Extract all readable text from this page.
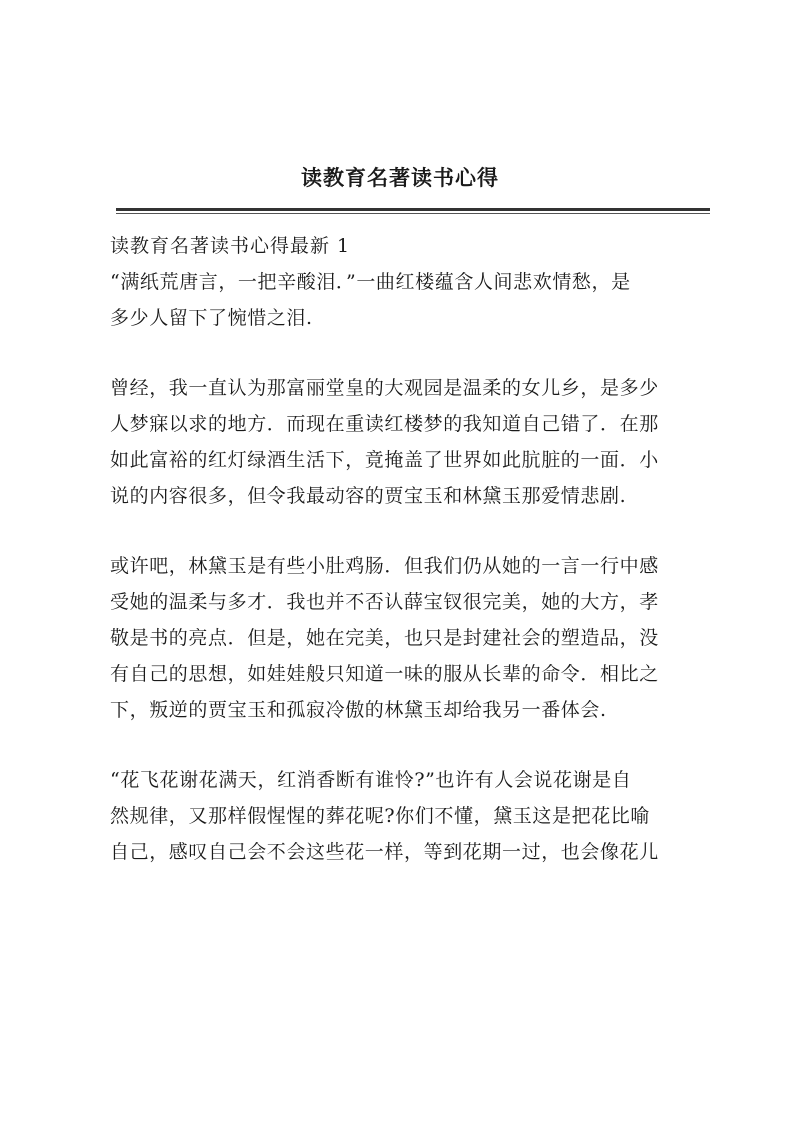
读教育名著读书心得

读教育名著读书心得最新 1

“满纸荒唐言，一把辛酸泪．”一曲红楼蕴含人间悲欢情愁，是
多少人留下了惋惜之泪.

曾经，我一直认为那富丽堂皇的大观园是温柔的女儿乡，是多少
人梦寐以求的地方．而现在重读红楼梦的我知道自己错了．在那
如此富裕的红灯绿酒生活下，竟掩盖了世界如此肮脏的一面．小
说的内容很多，但令我最动容的贾宝玉和林黛玉那爱情悲剧.

或许吧，林黛玉是有些小肚鸡肠．但我们仍从她的一言一行中感
受她的温柔与多才．我也并不否认薛宝钗很完美，她的大方，孝
敬是书的亮点．但是，她在完美，也只是封建社会的塑造品，没
有自己的思想，如娃娃般只知道一味的服从长辈的命令．相比之
下，叛逆的贾宝玉和孤寂冷傲的林黛玉却给我另一番体会.

“花飞花谢花满天，红消香断有谁怜?”也许有人会说花谢是自
然规律，又那样假惺惺的葬花呢?你们不懂，黛玉这是把花比喻
自己，感叹自己会不会这些花一样，等到花期一过，也会像花儿
